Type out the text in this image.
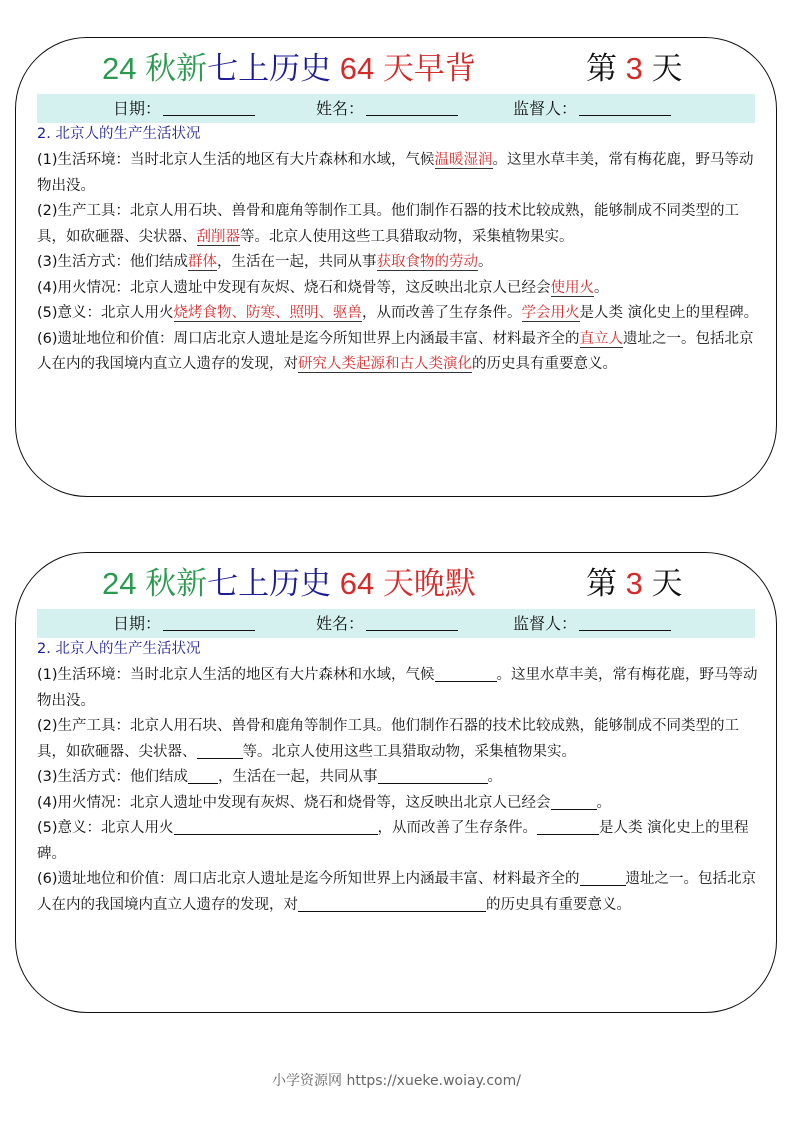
24 秋新七上历史 64 天早背	第 3 天
日期：	姓名：	监督人：
2. 北京人的生产生活状况

(1)生活环境：当时北京人生活的地区有大片森林和水域，气候温暖湿润。这里水草丰美，常有梅花鹿，野马等动物出没。

(2)生产工具：北京人用石块、兽骨和鹿角等制作工具。他们制作石器的技术比较成熟，能够制成不同类型的工具，如砍砸器、尖状器、刮削器等。北京人使用这些工具猎取动物，采集植物果实。

(3)生活方式：他们结成群体，生活在一起，共同从事获取食物的劳动。

(4)用火情况：北京人遗址中发现有灰烬、烧石和烧骨等，这反映出北京人已经会使用火。

(5)意义：北京人用火烧烤食物、防寒、照明、驱兽，从而改善了生存条件。学会用火是人类 演化史上的里程碑。

(6)遗址地位和价值：周口店北京人遗址是迄今所知世界上内涵最丰富、材料最齐全的直立人遗址之一。包括北京人在内的我国境内直立人遗存的发现，对研究人类起源和古人类演化的历史具有重要意义。

24 秋新七上历史 64 天晚默	第 3 天
日期：	姓名：	监督人：
2. 北京人的生产生活状况

(1)生活环境：当时北京人生活的地区有大片森林和水域，气候	。这里水草丰美，常有梅花鹿，野马等动物出没。

(2)生产工具：北京人用石块、兽骨和鹿角等制作工具。他们制作石器的技术比较成熟，能够制成不同类型的工具，如砍砸器、尖状器、	等。北京人使用这些工具猎取动物，采集植物果实。

(3)生活方式：他们结成 ，生活在一起，共同从事	。

(4)用火情况：北京人遗址中发现有灰烬、烧石和烧骨等，这反映出北京人已经会	。

(5)意义：北京人用火	，从而改善了生存条件。	是人类 演化史上的里程碑。

(6)遗址地位和价值：周口店北京人遗址是迄今所知世界上内涵最丰富、材料最齐全的	遗址之一。包括北京人在内的我国境内直立人遗存的发现，对	的历史具有重要意义。

小学资源网 https://xueke.woiay.com/
